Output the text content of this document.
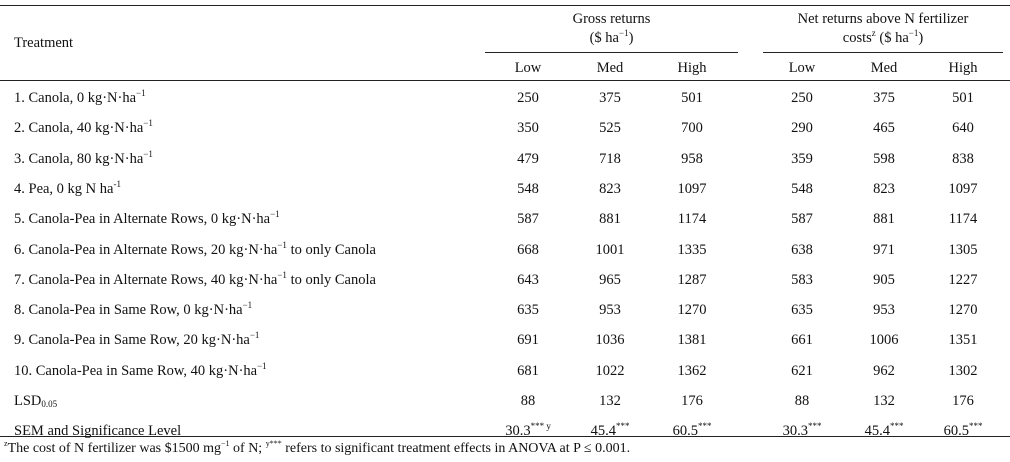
Treatment
Gross returns
($ $ha^{-1}$)
Net returns above N fertilizer
costs$^z$ ($ $ha^{-1}$)
Low	Med	High	Low	Med	High
1. Canola, 0 $kg\cdot N\cdot ha^{-1}$	250	375	501	250	375	501
2. Canola, 40 $kg\cdot N\cdot ha^{-1}$	350	525	700	290	465	640
3. Canola, 80 $kg\cdot N\cdot ha^{-1}$	479	718	958	359	598	838
4. Pea, 0 kg N $ha^{-1}$	548	823	1097	548	823	1097
5. Canola-Pea in Alternate Rows, 0 $kg\cdot N\cdot ha^{-1}$	587	881	1174	587	881	1174
6. Canola-Pea in Alternate Rows, 20 $kg\cdot N\cdot ha^{-1}$ to only Canola	668	1001	1335	638	971	1305
7. Canola-Pea in Alternate Rows, 40 $kg\cdot N\cdot ha^{-1}$ to only Canola	643	965	1287	583	905	1227
8. Canola-Pea in Same Row, 0 $kg\cdot N\cdot ha^{-1}$	635	953	1270	635	953	1270
9. Canola-Pea in Same Row, 20 $kg\cdot N\cdot ha^{-1}$	691	1036	1381	661	1006	1351
10. Canola-Pea in Same Row, 40 $kg\cdot N\cdot ha^{-1}$	681	1022	1362	621	962	1302
$LSD_{0.05}$	88	132	176	88	132	176
SEM and Significance Level	30.3$^{*** y}$	45.4***	60.5***	30.3***	45.4***	60.5***
$^z$The cost of N fertilizer was $1500 $mg^{-1}$ of N; $^{y***}$ refers to significant treatment effects in ANOVA at P ≤ 0.001.
